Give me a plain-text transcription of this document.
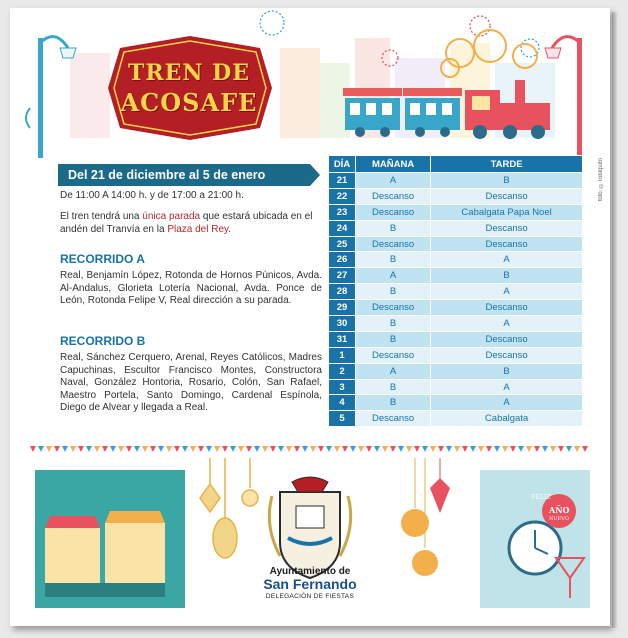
TREN DE
ACOSAFE
Del 21 de diciembre al 5 de enero
De 11:00 A 14:00 h. y de 17:00 a 21:00 h.
El tren tendrá una única parada que estará ubicada en el andén del Tranvía en la Plaza del Rey.
RECORRIDO A
Real, Benjamín López, Rotonda de Hornos Púnicos, Avda. Al-Andalus, Glorieta Lotería Nacional, Avda. Ponce de León, Rotonda Felipe V, Real dirección a su parada.
RECORRIDO B
Real, Sánchez Cerquero, Arenal, Reyes Católicos, Madres Capuchinas, Escultor Francisco Montes, Constructora Naval, González Hontoria, Rosario, Colón, San Rafael, Maestro Portela, Santo Domingo, Cardenal Espínola, Diego de Alvear y llegada a Real.
DÍA	MAÑANA	TARDE
21	A	B
22	Descanso	Descanso
23	Descanso	Cabalgata Papa Noel
24	B	Descanso
25	Descanso	Descanso
26	B	A
27	A	B
28	B	A
29	Descanso	Descanso
30	B	A
31	B	Descanso
1	Descanso	Descanso
2	A	B
3	B	A
4	B	A
5	Descanso	Cabalgata
foto: ©Tobiquito
FELIZ
AÑO
NUEVO
Ayuntamiento de
San Fernando
DELEGACIÓN DE FIESTAS
